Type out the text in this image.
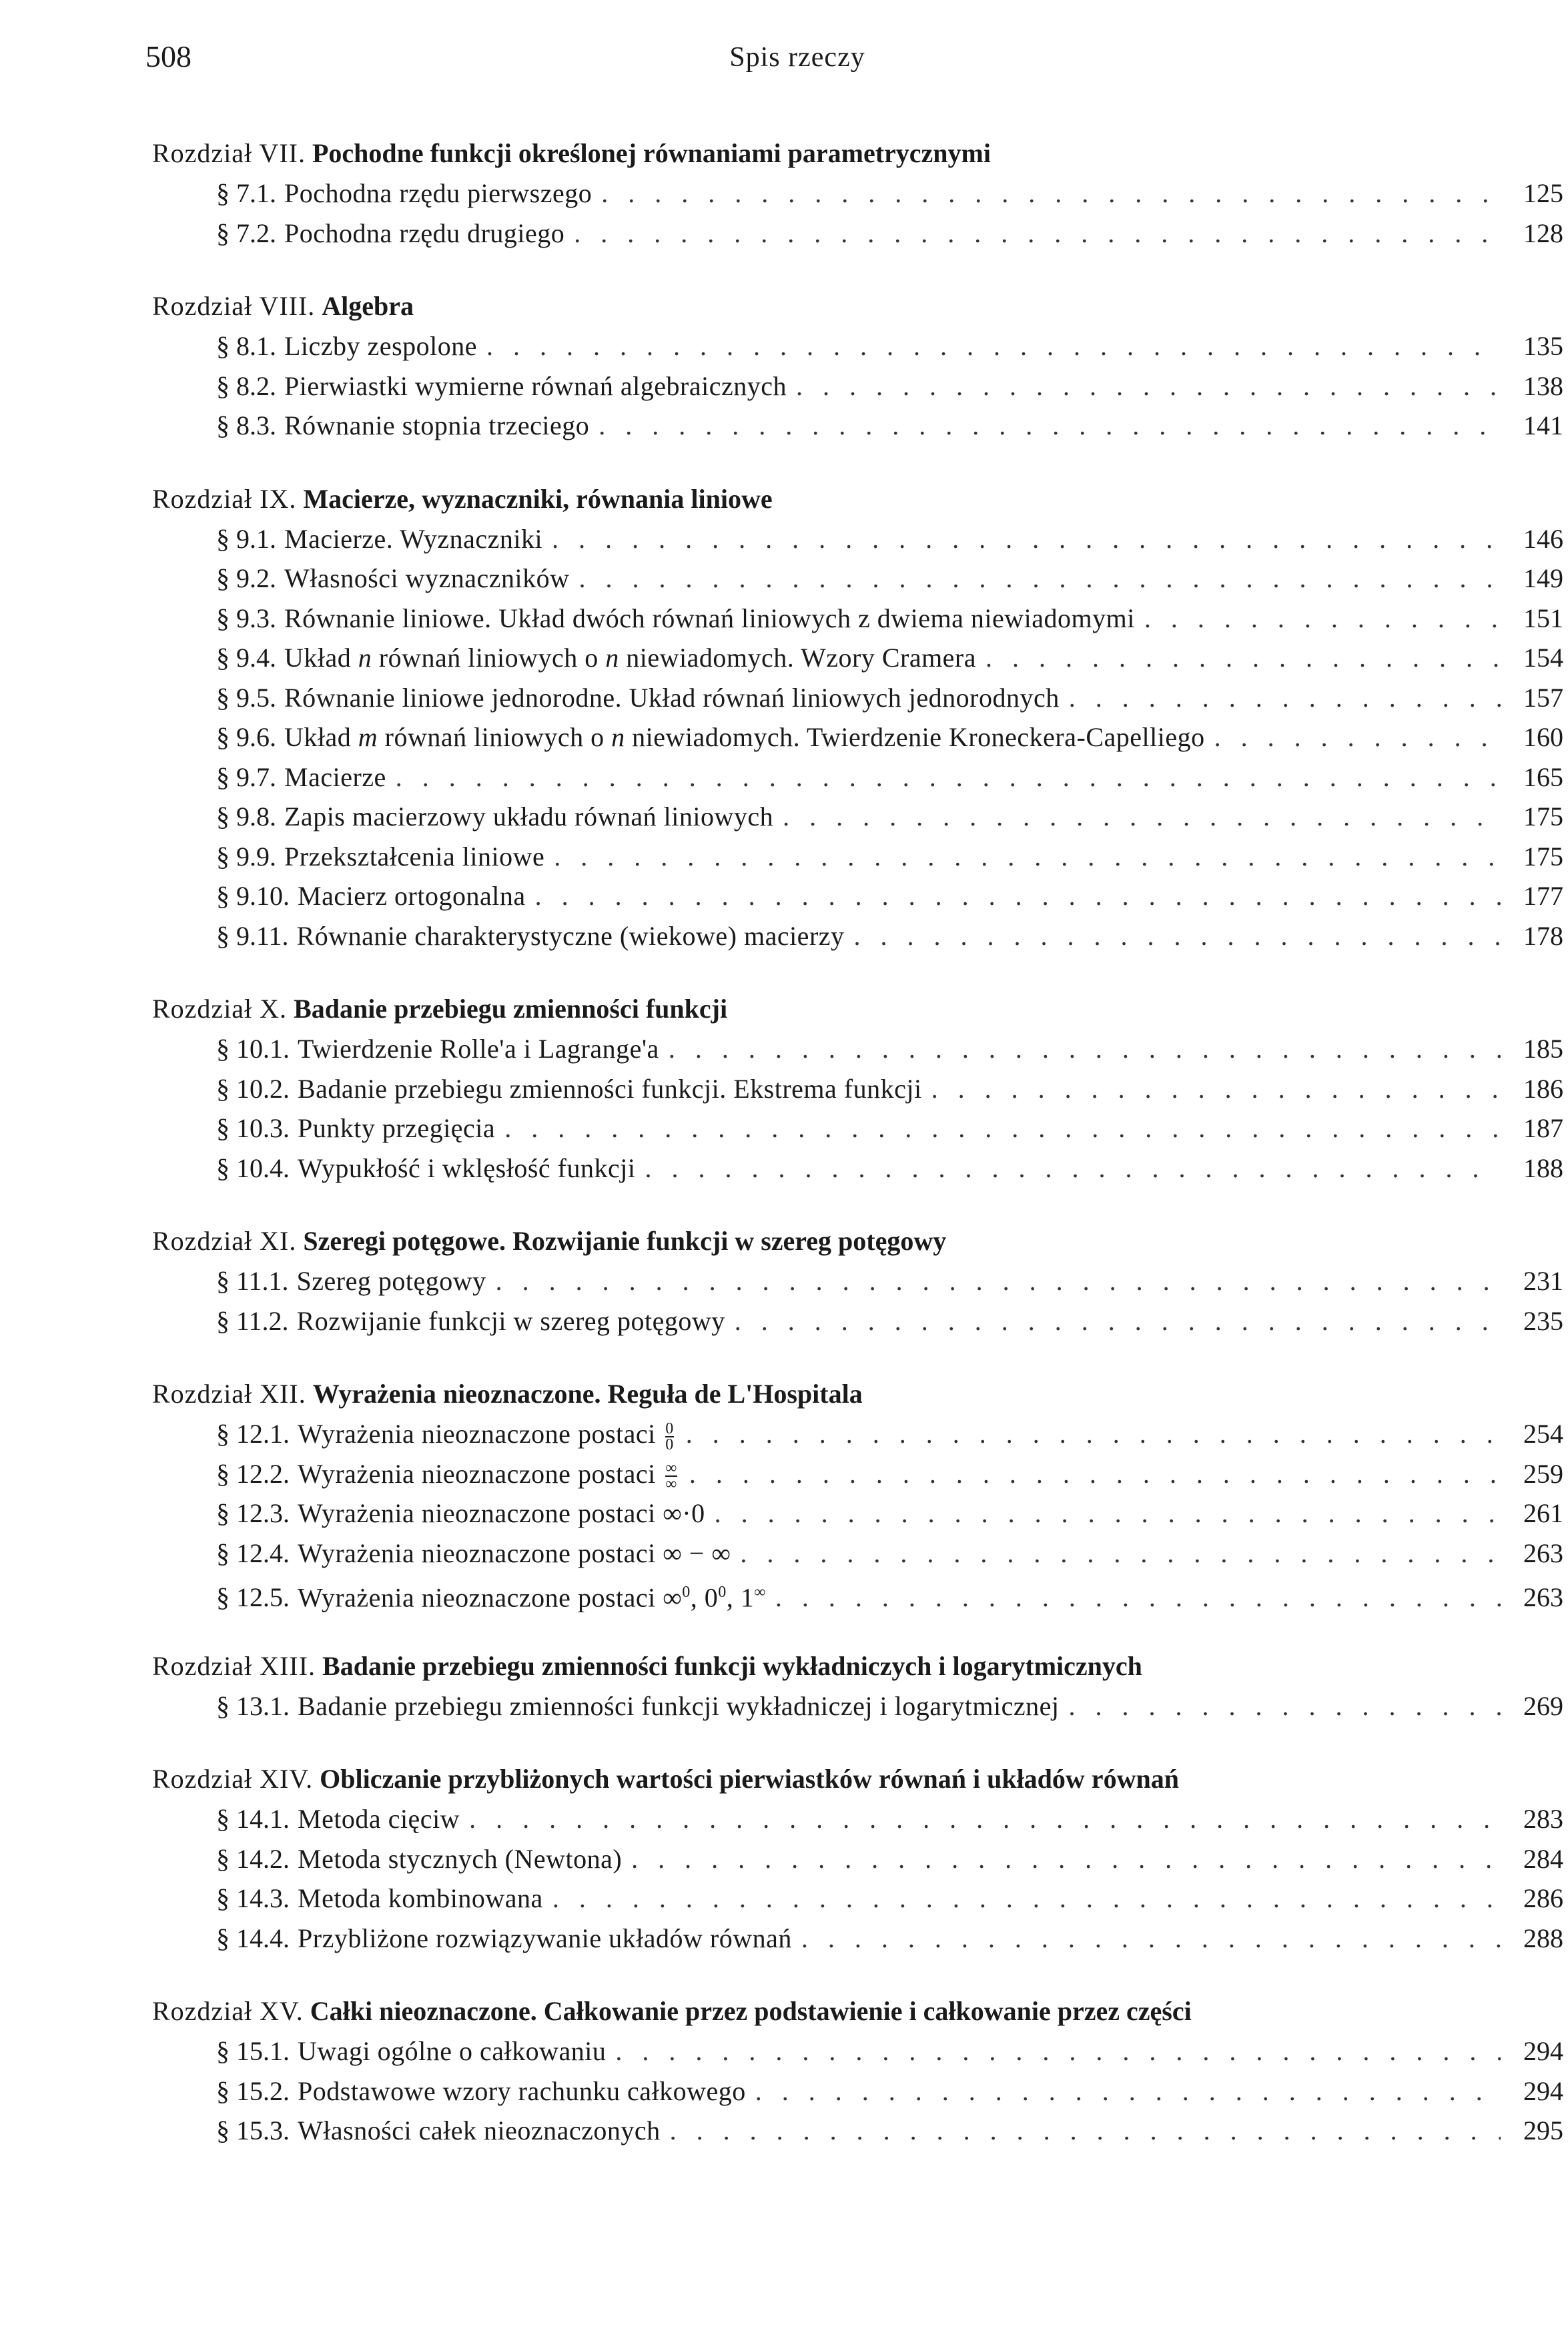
508	Spis rzeczy
Rozdział VII. Pochodne funkcji określonej równaniami parametrycznymi
§ 7.1. Pochodna rzędu pierwszego . . .	125
§ 7.2. Pochodna rzędu drugiego . . .	128
Rozdział VIII. Algebra
§ 8.1. Liczby zespolone . . .	135
§ 8.2. Pierwiastki wymierne równań algebraicznych . . .	138
§ 8.3. Równanie stopnia trzeciego . . .	141
Rozdział IX. Macierze, wyznaczniki, równania liniowe
§ 9.1. Macierze. Wyznaczniki . . .	146
§ 9.2. Własności wyznaczników . . .	149
§ 9.3. Równanie liniowe. Układ dwóch równań liniowych z dwiema niewiadomymi . . .	151
§ 9.4. Układ n równań liniowych o n niewiadomych. Wzory Cramera . . .	154
§ 9.5. Równanie liniowe jednorodne. Układ równań liniowych jednorodnych . . .	157
§ 9.6. Układ m równań liniowych o n niewiadomych. Twierdzenie Kroneckera-Capelliego . . .	160
§ 9.7. Macierze . . .	165
§ 9.8. Zapis macierzowy układu równań liniowych . . .	175
§ 9.9. Przekształcenia liniowe . . .	175
§ 9.10. Macierz ortogonalna . . .	177
§ 9.11. Równanie charakterystyczne (wiekowe) macierzy . . .	178
Rozdział X. Badanie przebiegu zmienności funkcji
§ 10.1. Twierdzenie Rolle'a i Lagrange'a . . .	185
§ 10.2. Badanie przebiegu zmienności funkcji. Ekstrema funkcji . . .	186
§ 10.3. Punkty przegięcia . . .	187
§ 10.4. Wypukłość i wklęsłość funkcji . . .	188
Rozdział XI. Szeregi potęgowe. Rozwijanie funkcji w szereg potęgowy
§ 11.1. Szereg potęgowy . . .	231
§ 11.2. Rozwijanie funkcji w szereg potęgowy . . .	235
Rozdział XII. Wyrażenia nieoznaczone. Reguła de L'Hospitala
§ 12.1. Wyrażenia nieoznaczone postaci $\frac{0}{0}$ . . .	254
§ 12.2. Wyrażenia nieoznaczone postaci $\frac{\infty}{\infty}$ . . .	259
§ 12.3. Wyrażenia nieoznaczone postaci ∞·0 . . .	261
§ 12.4. Wyrażenia nieoznaczone postaci ∞ − ∞ . . .	263
§ 12.5. Wyrażenia nieoznaczone postaci ∞$^0$, $0^0$, 1∞ . . .	263
Rozdział XIII. Badanie przebiegu zmienności funkcji wykładniczych i logarytmicznych
§ 13.1. Badanie przebiegu zmienności funkcji wykładniczej i logarytmicznej . . .	269
Rozdział XIV. Obliczanie przybliżonych wartości pierwiastków równań i układów równań
§ 14.1. Metoda cięciw . . .	283
§ 14.2. Metoda stycznych (Newtona) . . .	284
§ 14.3. Metoda kombinowana . . .	286
§ 14.4. Przybliżone rozwiązywanie układów równań . . .	288
Rozdział XV. Całki nieoznaczone. Całkowanie przez podstawienie i całkowanie przez części
§ 15.1. Uwagi ogólne o całkowaniu . . .	294
§ 15.2. Podstawowe wzory rachunku całkowego . . .	294
§ 15.3. Własności całek nieoznaczonych . . .	295
